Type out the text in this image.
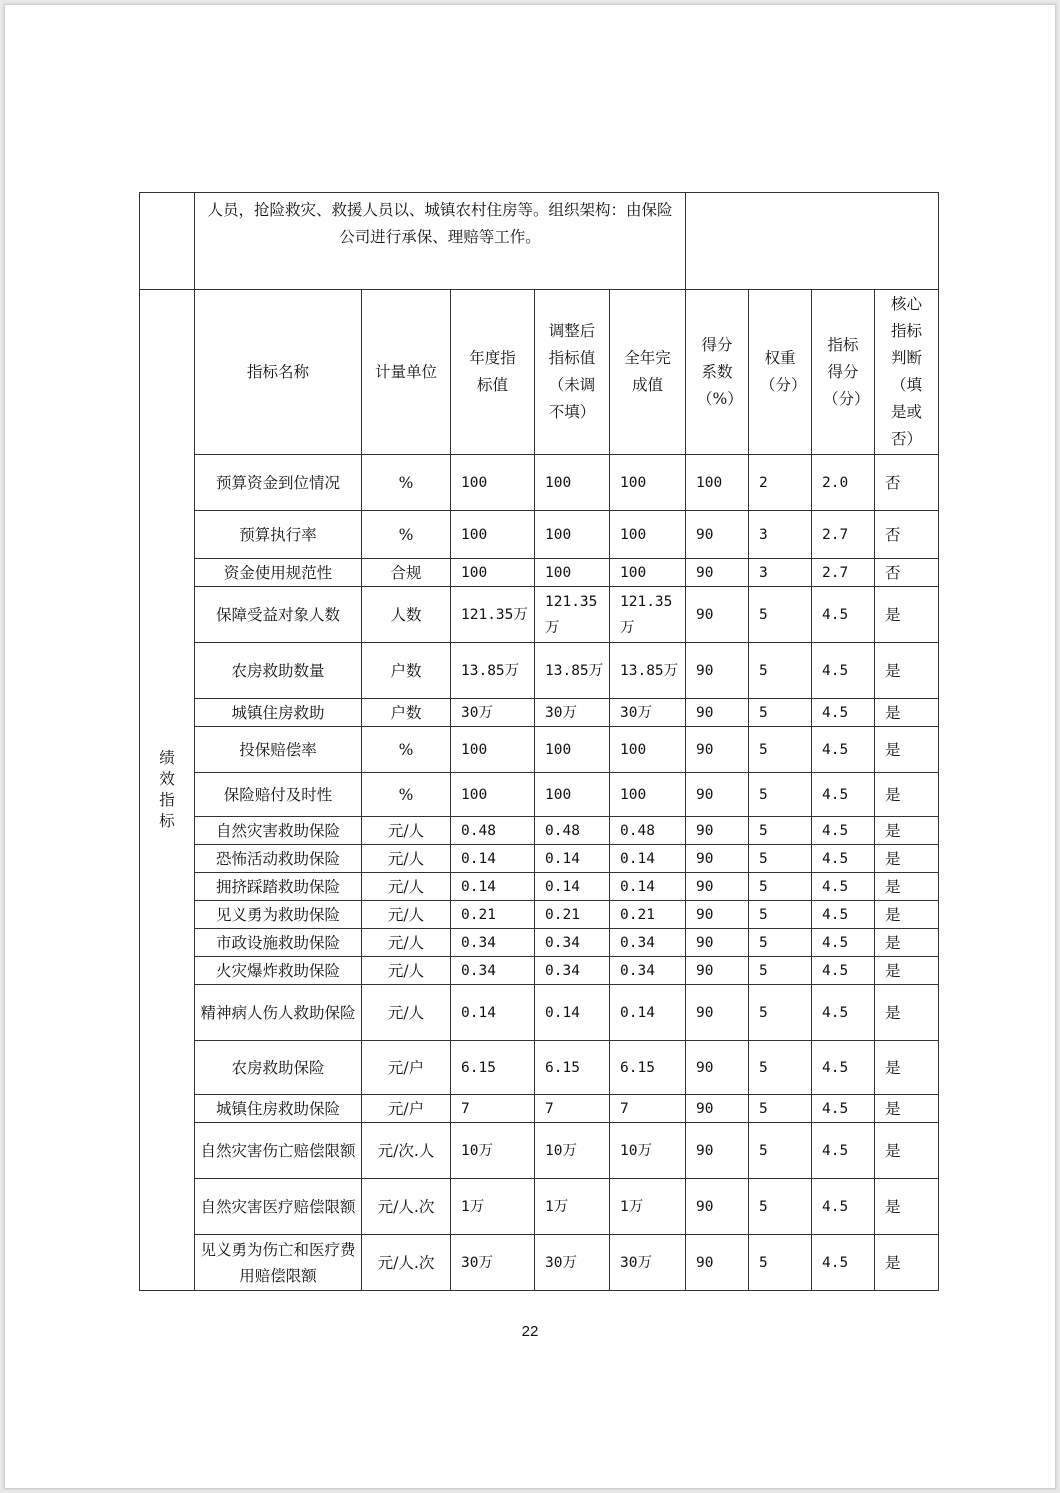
	人员，抢险救灾、救援人员以、城镇农村住房等。组织架构：由保险公司进行承保、理赔等工作。								

绩效指标	指标名称	计量单位	年度指标值	调整后指标值（未调不填）	全年完成值	得分系数（%）	权重（分）	指标得分（分）	核心指标判断（填是或否）

	预算资金到位情况	%	100	100	100	100	2	2.0	否
	预算执行率	%	100	100	100	90	3	2.7	否
	资金使用规范性	合规	100	100	100	90	3	2.7	否
	保障受益对象人数	人数	121.35万	121.35万	121.35万	90	5	4.5	是
	农房救助数量	户数	13.85万	13.85万	13.85万	90	5	4.5	是
	城镇住房救助	户数	30万	30万	30万	90	5	4.5	是
	投保赔偿率	%	100	100	100	90	5	4.5	是
	保险赔付及时性	%	100	100	100	90	5	4.5	是
	自然灾害救助保险	元/人	0.48	0.48	0.48	90	5	4.5	是
	恐怖活动救助保险	元/人	0.14	0.14	0.14	90	5	4.5	是
	拥挤踩踏救助保险	元/人	0.14	0.14	0.14	90	5	4.5	是
	见义勇为救助保险	元/人	0.21	0.21	0.21	90	5	4.5	是
	市政设施救助保险	元/人	0.34	0.34	0.34	90	5	4.5	是
	火灾爆炸救助保险	元/人	0.34	0.34	0.34	90	5	4.5	是
	精神病人伤人救助保险	元/人	0.14	0.14	0.14	90	5	4.5	是
	农房救助保险	元/户	6.15	6.15	6.15	90	5	4.5	是
	城镇住房救助保险	元/户	7	7	7	90	5	4.5	是
	自然灾害伤亡赔偿限额	元/次.人	10万	10万	10万	90	5	4.5	是
	自然灾害医疗赔偿限额	元/人.次	1万	1万	1万	90	5	4.5	是
	见义勇为伤亡和医疗费用赔偿限额	元/人.次	30万	30万	30万	90	5	4.5	是
22
